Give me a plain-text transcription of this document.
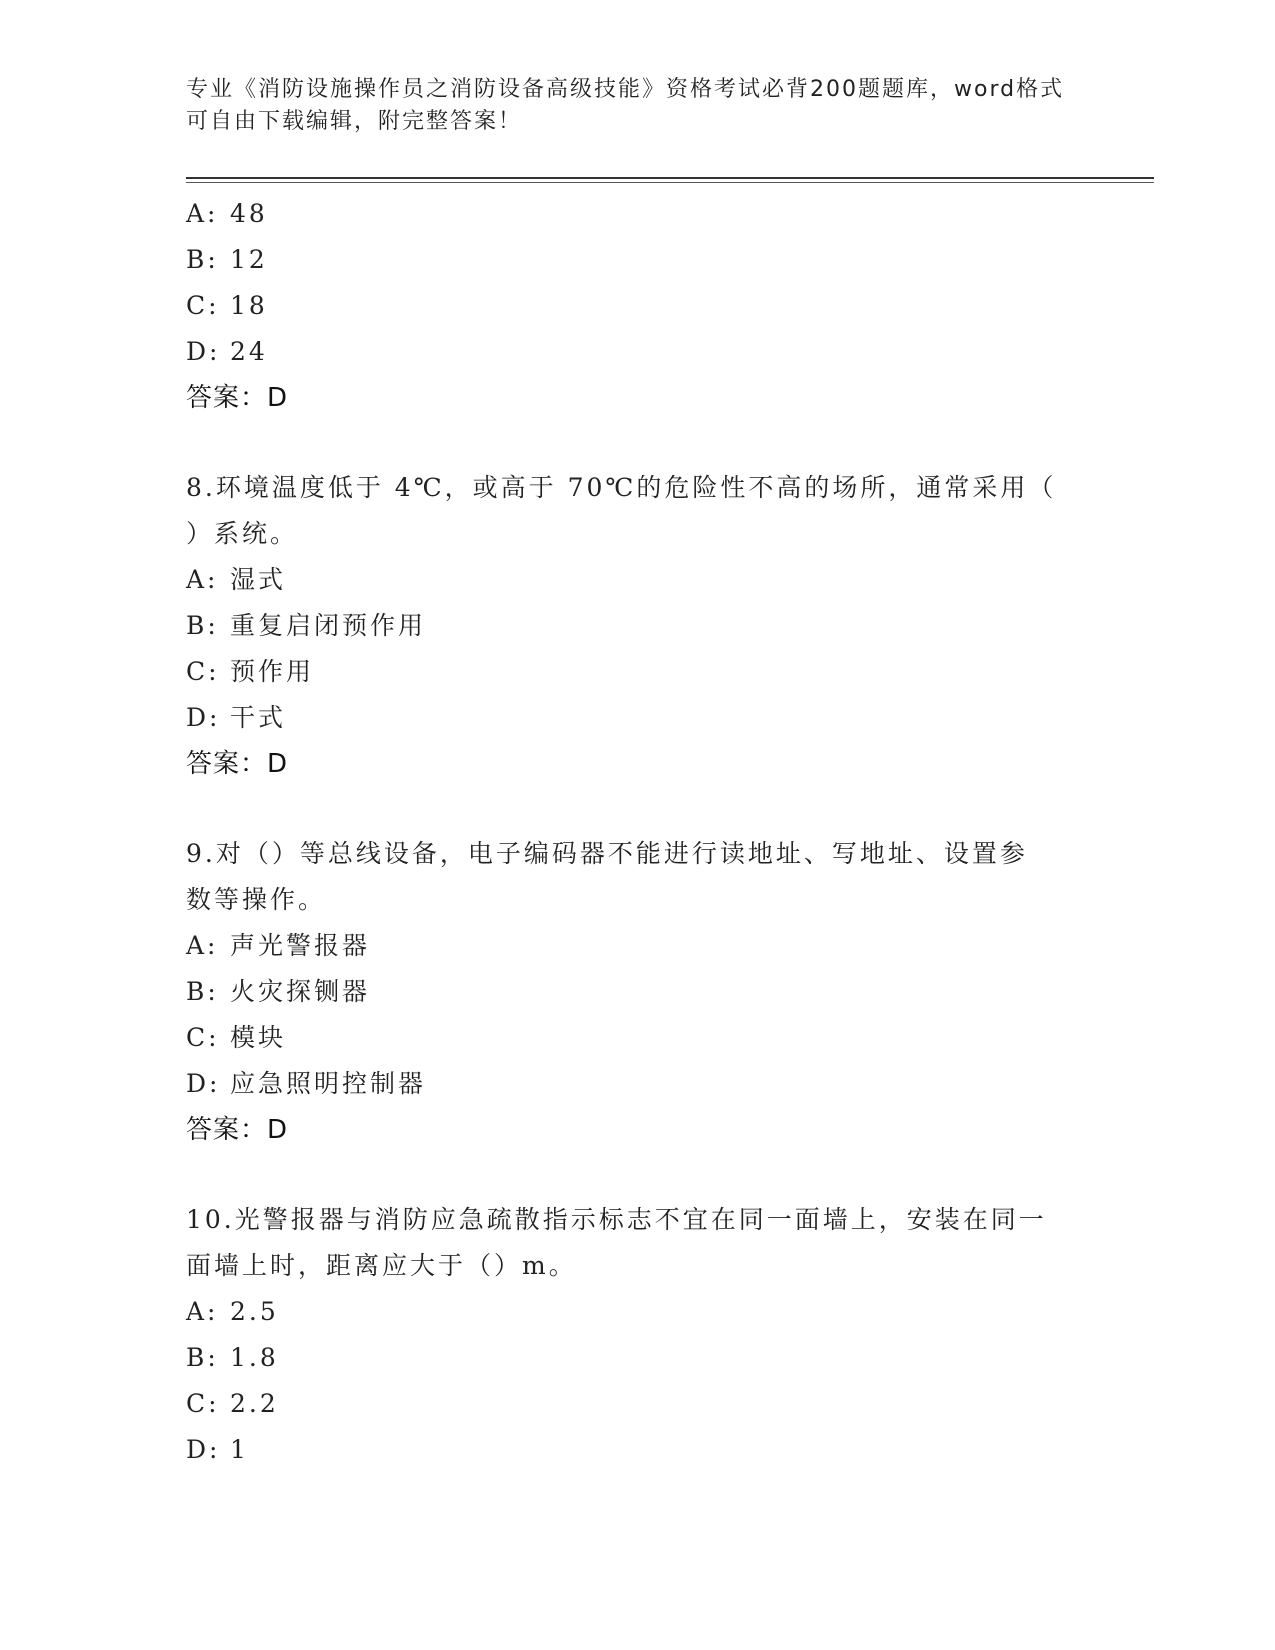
专业《消防设施操作员之消防设备高级技能》资格考试必背200题题库，word格式可自由下载编辑，附完整答案！
A: 48
B: 12
C: 18
D: 24
答案：D
8.环境温度低于 4℃，或高于 70℃的危险性不高的场所，通常采用（
）系统。
A: 湿式
B: 重复启闭预作用
C: 预作用
D: 干式
答案：D
9.对（）等总线设备，电子编码器不能进行读地址、写地址、设置参
数等操作。
A: 声光警报器
B: 火灾探铡器
C: 模块
D: 应急照明控制器
答案：D
10.光警报器与消防应急疏散指示标志不宜在同一面墙上，安装在同一
面墙上时，距离应大于（）m。
A: 2.5
B: 1.8
C: 2.2
D: 1
